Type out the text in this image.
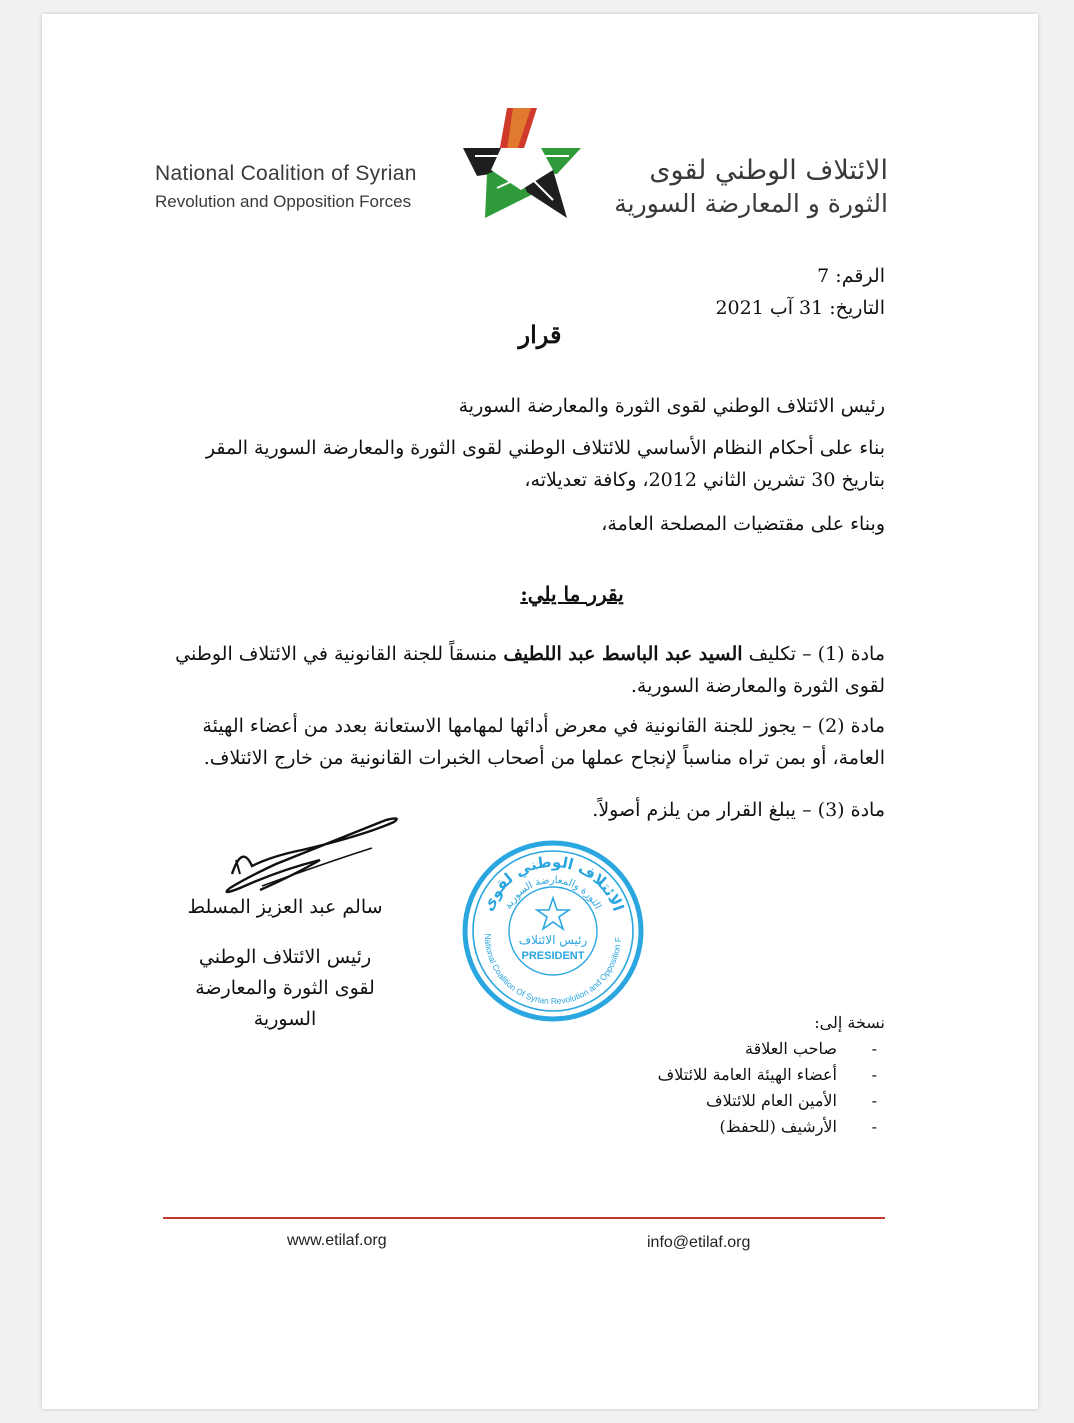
National Coalition of Syrian
Revolution and Opposition Forces
الائتلاف الوطني لقوى
الثورة و المعارضة السورية
الرقم: 7
التاريخ: 31 آب 2021
قرار
رئيس الائتلاف الوطني لقوى الثورة والمعارضة السورية
بناء على أحكام النظام الأساسي للائتلاف الوطني لقوى الثورة والمعارضة السورية المقر بتاريخ 30 تشرين الثاني 2012، وكافة تعديلاته،
وبناء على مقتضيات المصلحة العامة،
يقرر ما يلي:
مادة (1) – تكليف السيد عبد الباسط عبد اللطيف منسقاً للجنة القانونية في الائتلاف الوطني لقوى الثورة والمعارضة السورية.
مادة (2) – يجوز للجنة القانونية في معرض أدائها لمهامها الاستعانة بعدد من أعضاء الهيئة العامة، أو بمن تراه مناسباً لإنجاح عملها من أصحاب الخبرات القانونية من خارج الائتلاف.
مادة (3) – يبلغ القرار من يلزم أصولاً.
سالم عبد العزيز المسلط
رئيس الائتلاف الوطني
لقوى الثورة والمعارضة السورية
الائتلاف الوطني لقوى
الثورة والمعارضة السورية
National Coalition Of Syrian Revolution and Opposition F
رئيس الائتلاف
PRESIDENT
نسخة إلى:
- صاحب العلاقة
- أعضاء الهيئة العامة للائتلاف
- الأمين العام للائتلاف
- الأرشيف (للحفظ)
www.etilaf.org	info@etilaf.org
